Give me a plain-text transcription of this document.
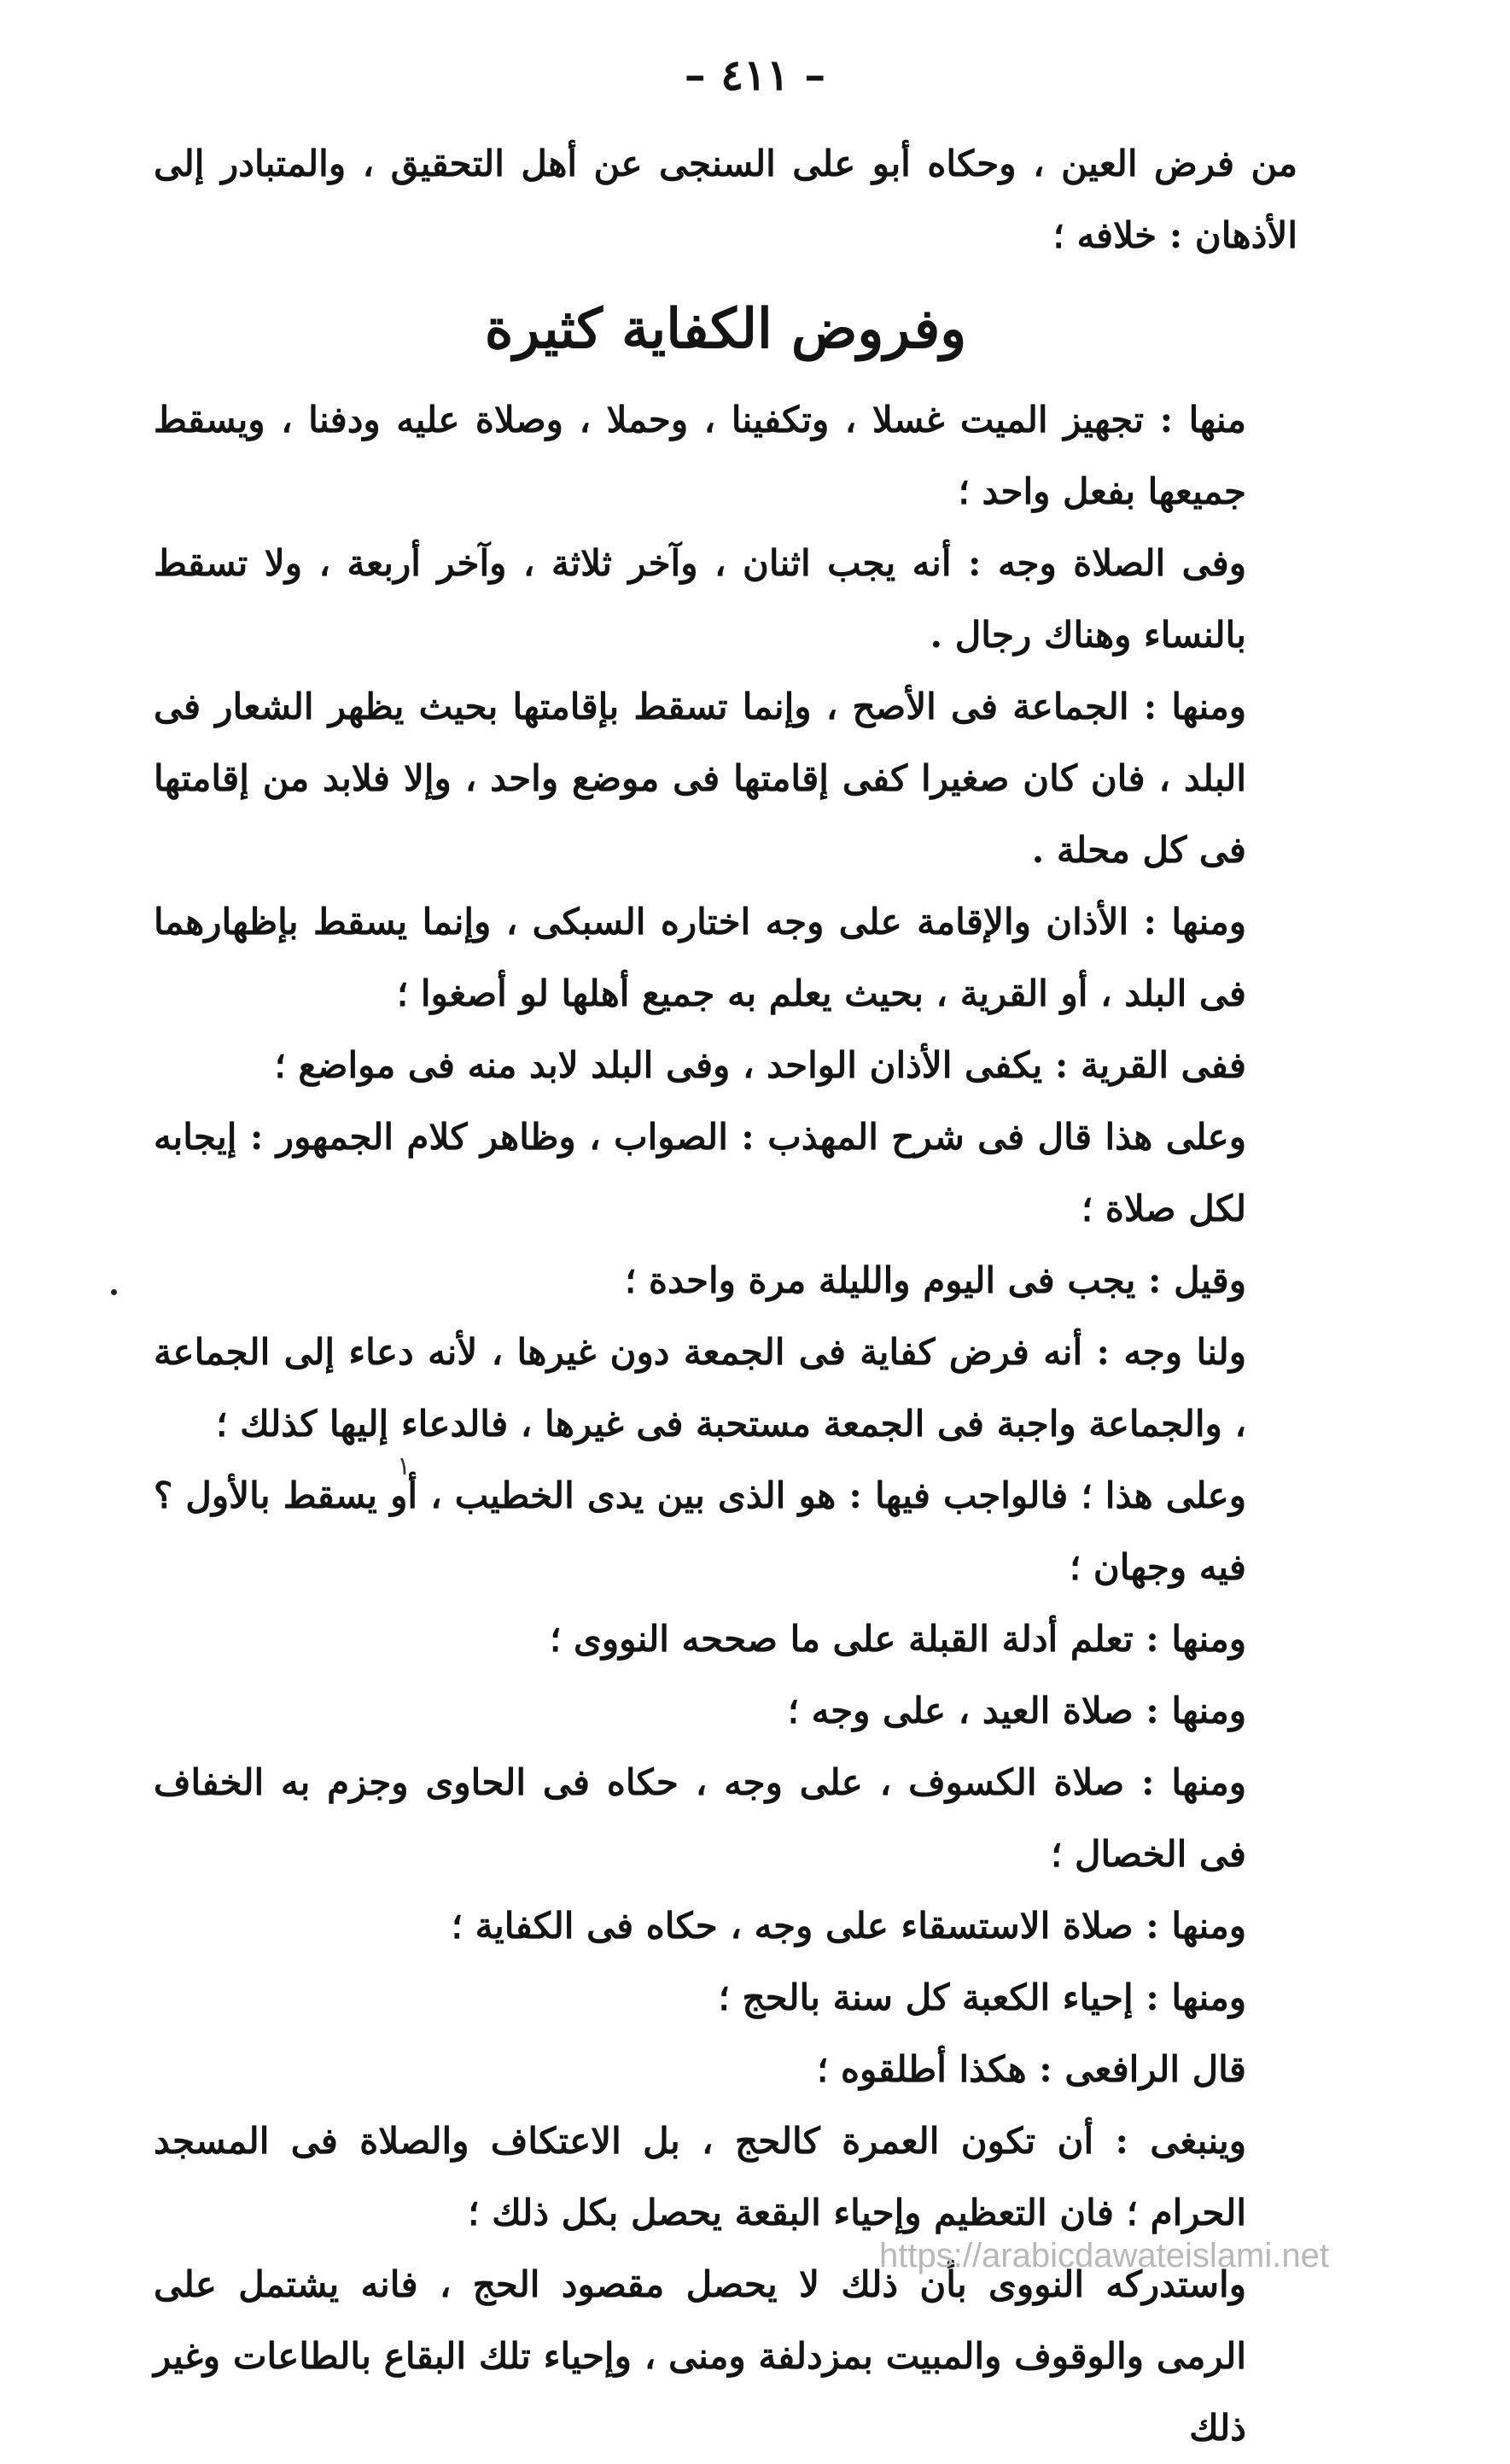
– ٤١١ –

من فرض العين ، وحكاه أبو على السنجى عن أهل التحقيق ، والمتبادر إلى الأذهان : خلافه ؛

وفروض الكفاية كثيرة

منها : تجهيز الميت غسلا ، وتكفينا ، وحملا ، وصلاة عليه ودفنا ، ويسقط جميعها بفعل واحد ؛

وفى الصلاة وجه : أنه يجب اثنان ، وآخر ثلاثة ، وآخر أربعة ، ولا تسقط بالنساء وهناك رجال .

ومنها : الجماعة فى الأصح ، وإنما تسقط بإقامتها بحيث يظهر الشعار فى البلد ، فان كان صغيرا كفى إقامتها فى موضع واحد ، وإلا فلابد من إقامتها فى كل محلة .

ومنها : الأذان والإقامة على وجه اختاره السبكى ، وإنما يسقط بإظهارهما فى البلد ، أو القرية ، بحيث يعلم به جميع أهلها لو أصغوا ؛

ففى القرية : يكفى الأذان الواحد ، وفى البلد لابد منه فى مواضع ؛

وعلى هذا قال فى شرح المهذب : الصواب ، وظاهر كلام الجمهور : إيجابه لكل صلاة ؛

وقيل : يجب فى اليوم والليلة مرة واحدة ؛

ولنا وجه : أنه فرض كفاية فى الجمعة دون غيرها ، لأنه دعاء إلى الجماعة ، والجماعة واجبة فى الجمعة مستحبة فى غيرها ، فالدعاء إليها كذلك ؛

وعلى هذا ؛ فالواجب فيها : هو الذى بين يدى الخطيب ، أو يسقط بالأول ؟ فيه وجهان ؛

ومنها : تعلم أدلة القبلة على ما صححه النووى ؛

ومنها : صلاة العيد ، على وجه ؛

ومنها : صلاة الكسوف ، على وجه ، حكاه فى الحاوى وجزم به الخفاف فى الخصال ؛

ومنها : صلاة الاستسقاء على وجه ، حكاه فى الكفاية ؛

ومنها : إحياء الكعبة كل سنة بالحج ؛

قال الرافعى : هكذا أطلقوه ؛

وينبغى : أن تكون العمرة كالحج ، بل الاعتكاف والصلاة فى المسجد الحرام ؛ فان التعظيم وإحياء البقعة يحصل بكل ذلك ؛

واستدركه النووى بأن ذلك لا يحصل مقصود الحج ، فانه يشتمل على الرمى والوقوف والمبيت بمزدلفة ومنى ، وإحياء تلك البقاع بالطاعات وغير ذلك

١
https://arabicdawateislami.net
